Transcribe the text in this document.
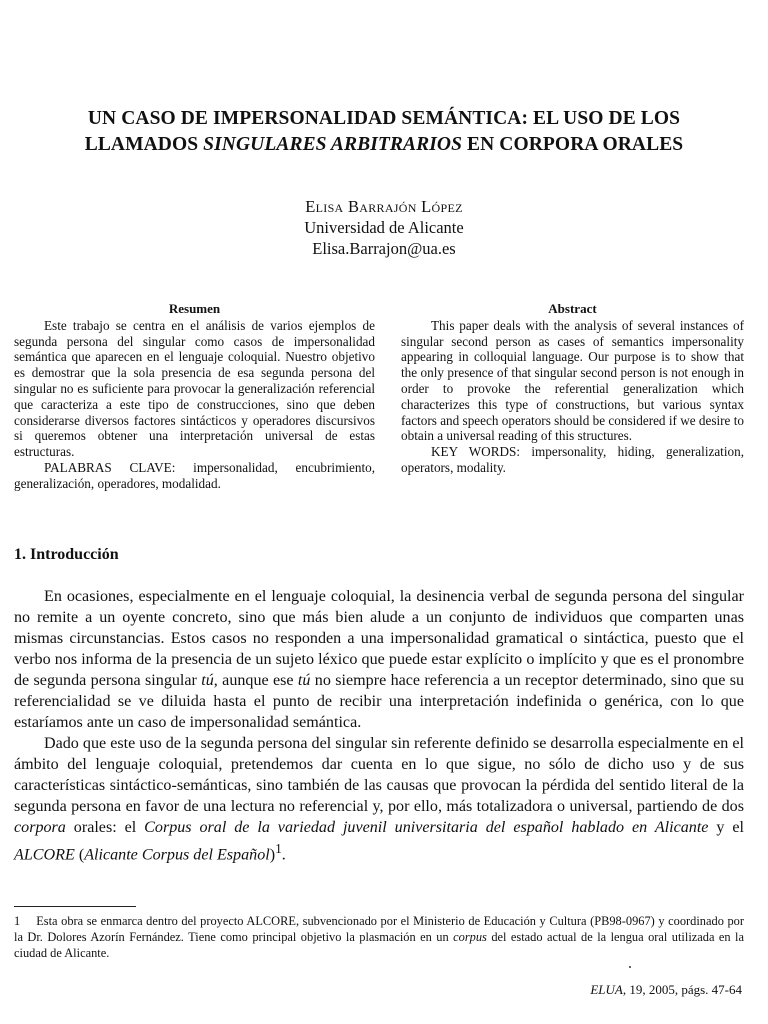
UN CASO DE IMPERSONALIDAD SEMÁNTICA: EL USO DE LOS
LLAMADOS SINGULARES ARBITRARIOS EN CORPORA ORALES
Elisa Barrajón López
Universidad de Alicante
Elisa.Barrajon@ua.es
Resumen

Este trabajo se centra en el análisis de varios ejemplos de segunda persona del singular como casos de impersonalidad semántica que aparecen en el lenguaje coloquial. Nuestro objetivo es demostrar que la sola presencia de esa segunda persona del singular no es suficiente para provocar la generalización referencial que caracteriza a este tipo de construcciones, sino que deben considerarse diversos factores sintácticos y operadores discursivos si queremos obtener una interpretación universal de estas estructuras.

PALABRAS CLAVE: impersonalidad, encubrimiento, generalización, operadores, modalidad.

Abstract

This paper deals with the analysis of several instances of singular second person as cases of semantics impersonality appearing in colloquial language. Our purpose is to show that the only presence of that singular second person is not enough in order to provoke the referential generalization which characterizes this type of constructions, but various syntax factors and speech operators should be considered if we desire to obtain a universal reading of this structures.

KEY WORDS: impersonality, hiding, generalization, operators, modality.

1. Introducción

En ocasiones, especialmente en el lenguaje coloquial, la desinencia verbal de segunda persona del singular no remite a un oyente concreto, sino que más bien alude a un conjunto de individuos que comparten unas mismas circunstancias. Estos casos no responden a una impersonalidad gramatical o sintáctica, puesto que el verbo nos informa de la presencia de un sujeto léxico que puede estar explícito o implícito y que es el pronombre de segunda persona singular tú, aunque ese tú no siempre hace referencia a un receptor determinado, sino que su referencialidad se ve diluida hasta el punto de recibir una interpretación indefinida o genérica, con lo que estaríamos ante un caso de impersonalidad semántica.

Dado que este uso de la segunda persona del singular sin referente definido se desarrolla especialmente en el ámbito del lenguaje coloquial, pretendemos dar cuenta en lo que sigue, no sólo de dicho uso y de sus características sintáctico-semánticas, sino también de las causas que provocan la pérdida del sentido literal de la segunda persona en favor de una lectura no referencial y, por ello, más totalizadora o universal, partiendo de dos corpora orales: el Corpus oral de la variedad juvenil universitaria del español hablado en Alicante y el ALCORE (Alicante Corpus del Español)$^1$.

1 Esta obra se enmarca dentro del proyecto ALCORE, subvencionado por el Ministerio de Educación y Cultura (PB98-0967) y coordinado por la Dr. Dolores Azorín Fernández. Tiene como principal objetivo la plasmación en un corpus del estado actual de la lengua oral utilizada en la ciudad de Alicante.
ELUA, 19, 2005, págs. 47-64
